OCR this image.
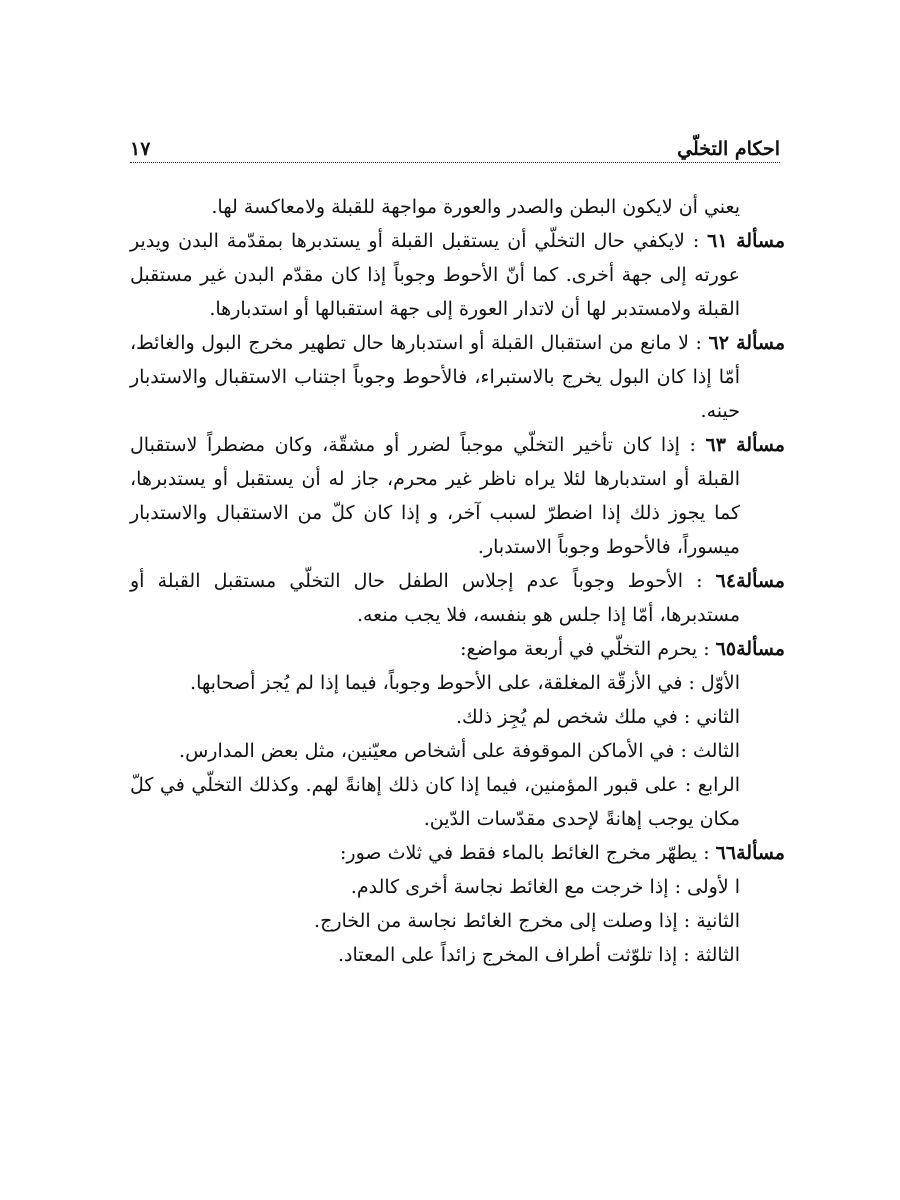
احكام التخلّي
١٧

يعني أن لايكون البطن والصدر والعورة مواجهة للقبلة ولامعاكسة لها.

مسألة ٦١ : لايكفي حال التخلّي أن يستقبل القبلة أو يستدبرها بمقدّمة البدن ويدير عورته إلى جهة أخرى. كما أنّ الأحوط وجوباً إذا كان مقدّم البدن غير مستقبل القبلة ولامستدبر لها أن لاتدار العورة إلى جهة استقبالها أو استدبارها.

مسألة ٦٢ : لا مانع من استقبال القبلة أو استدبارها حال تطهير مخرج البول والغائط، أمّا إذا كان البول يخرج بالاستبراء، فالأحوط وجوباً اجتناب الاستقبال والاستدبار حينه.

مسألة ٦٣ : إذا كان تأخير التخلّي موجباً لضرر أو مشقّة، وكان مضطراً لاستقبال القبلة أو استدبارها لئلا يراه ناظر غير محرم، جاز له أن يستقبل أو يستدبرها، كما يجوز ذلك إذا اضطرّ لسبب آخر، و إذا كان كلّ من الاستقبال والاستدبار ميسوراً، فالأحوط وجوباً الاستدبار.

مسألة٦٤ : الأحوط وجوباً عدم إجلاس الطفل حال التخلّي مستقبل القبلة أو مستدبرها، أمّا إذا جلس هو بنفسه، فلا يجب منعه.

مسألة٦٥ : يحرم التخلّي في أربعة مواضع:

الأوّل : في الأزقّة المغلقة، على الأحوط وجوباً، فيما إذا لم يُجز أصحابها.

الثاني : في ملك شخص لم يُجِز ذلك.

الثالث : في الأماكن الموقوفة على أشخاص معيّنين، مثل بعض المدارس.

الرابع : على قبور المؤمنين، فيما إذا كان ذلك إهانةً لهم. وكذلك التخلّي في كلّ مكان يوجب إهانةً لإحدى مقدّسات الدّين.

مسألة٦٦ : يطهّر مخرج الغائط بالماء فقط في ثلاث صور:

ا لأولى : إذا خرجت مع الغائط نجاسة أخرى كالدم.

الثانية : إذا وصلت إلى مخرج الغائط نجاسة من الخارج.

الثالثة : إذا تلوّثت أطراف المخرج زائداً على المعتاد.
